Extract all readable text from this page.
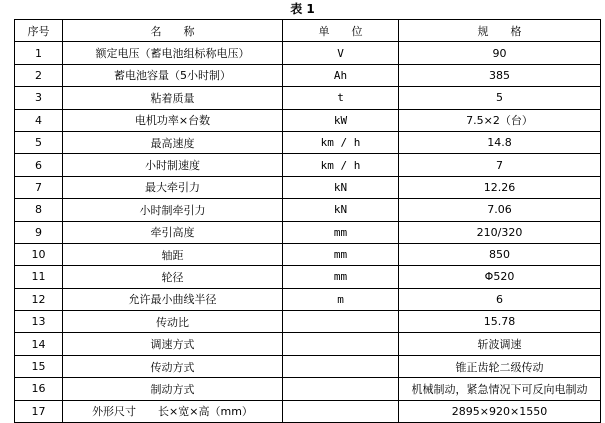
表 1
序号	名　　称	单　　位	规　　格
1	额定电压（蓄电池组标称电压）	V	90
2	蓄电池容量（5小时制）	Ah	385
3	粘着质量	t	5
4	电机功率×台数	kW	7.5×2（台）
5	最高速度	km / h	14.8
6	小时制速度	km / h	7
7	最大牵引力	kN	12.26
8	小时制牵引力	kN	7.06
9	牵引高度	mm	210/320
10	轴距	mm	850
11	轮径	mm	Φ520
12	允许最小曲线半径	m	6
13	传动比		15.78
14	调速方式		斩波调速
15	传动方式		锥正齿轮二级传动
16	制动方式		机械制动，紧急情况下可反向电制动
17	外形尺寸　　长×宽×高（mm）		2895×920×1550
